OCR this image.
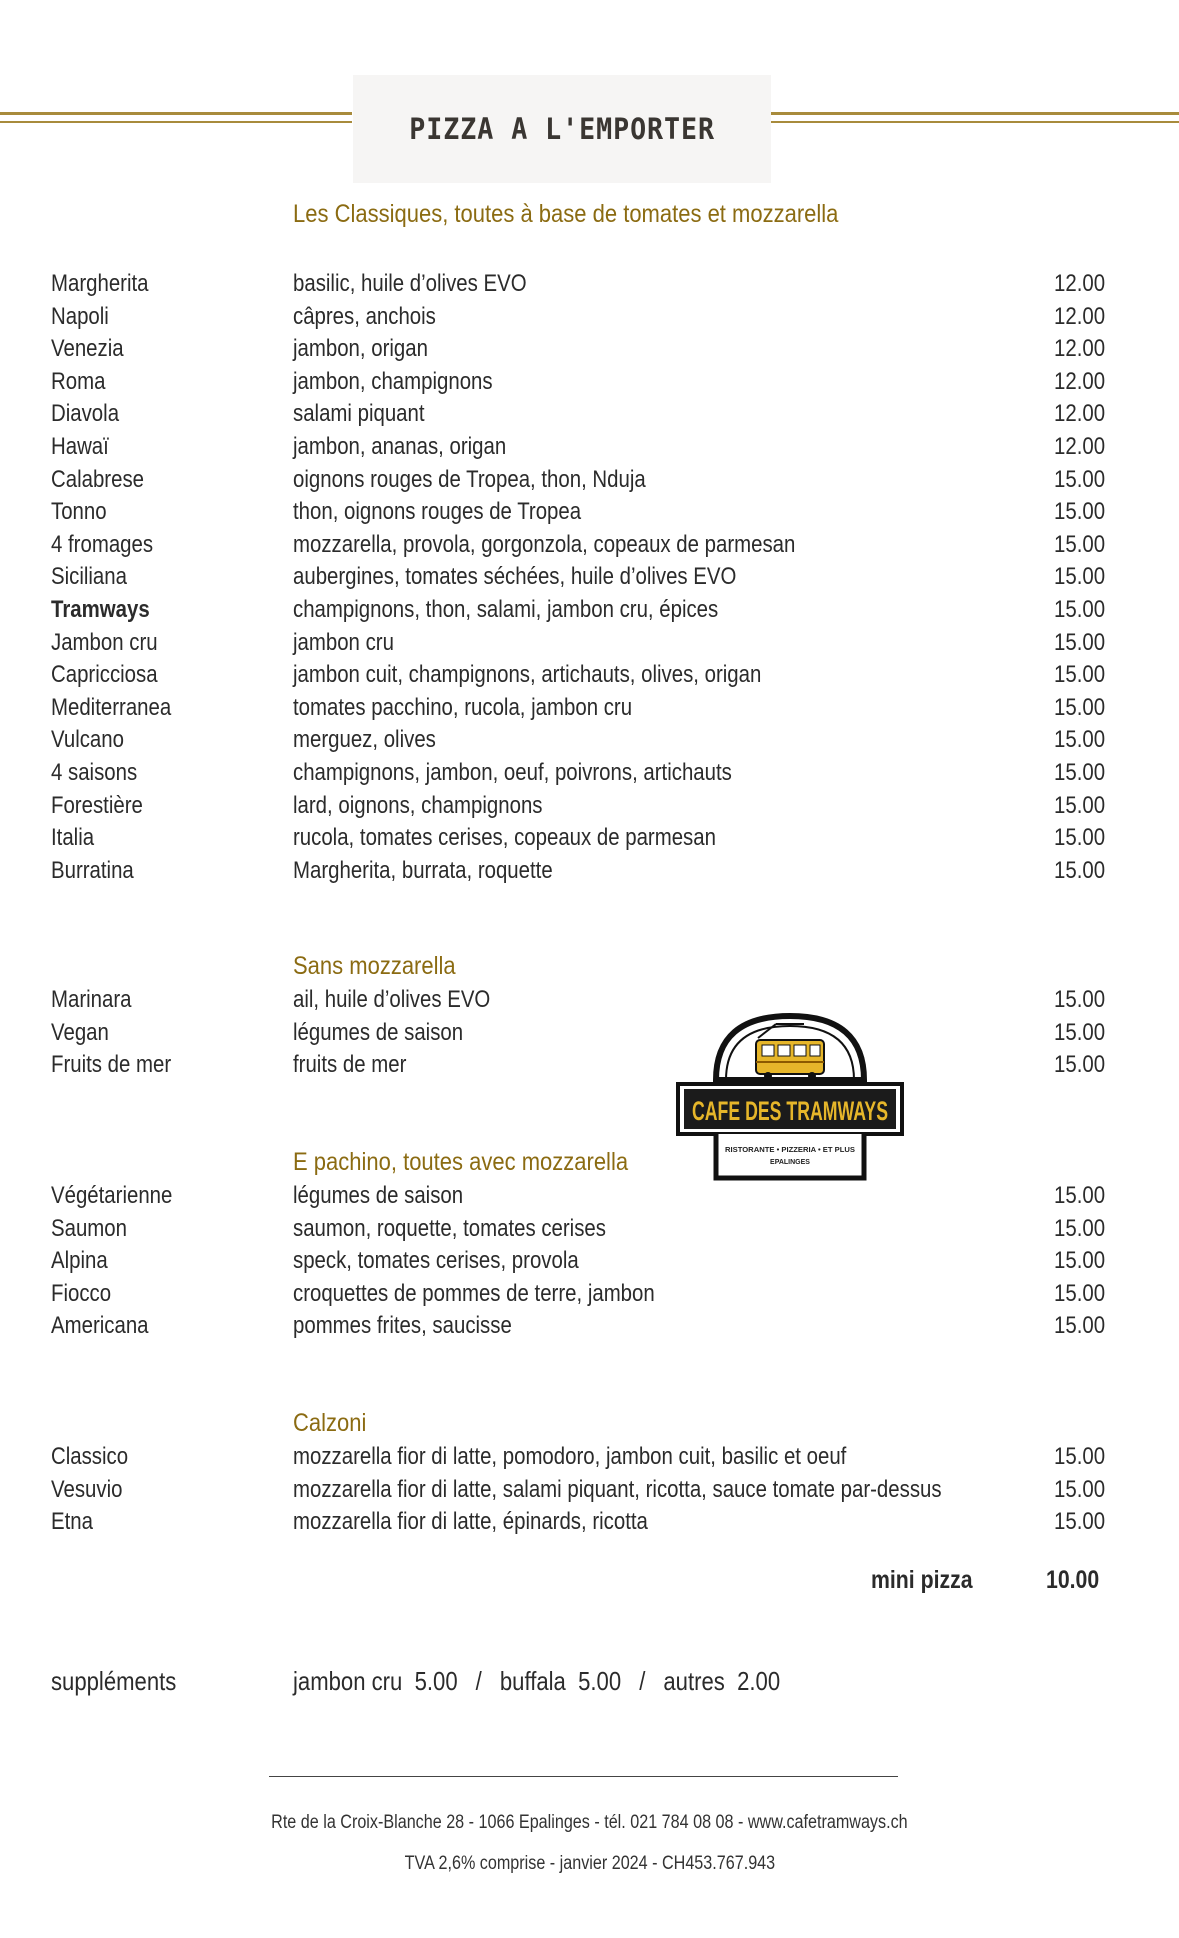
PIZZA A L'EMPORTER
Les Classiques, toutes à base de tomates et mozzarella
Margherita	basilic, huile d’olives EVO	12.00
Napoli	câpres, anchois	12.00
Venezia	jambon, origan	12.00
Roma	jambon, champignons	12.00
Diavola	salami piquant	12.00
Hawaï	jambon, ananas, origan	12.00
Calabrese	oignons rouges de Tropea, thon, Nduja	15.00
Tonno	thon, oignons rouges de Tropea	15.00
4 fromages	mozzarella, provola, gorgonzola, copeaux de parmesan	15.00
Siciliana	aubergines, tomates séchées, huile d’olives EVO	15.00
Tramways	champignons, thon, salami, jambon cru, épices	15.00
Jambon cru	jambon cru	15.00
Capricciosa	jambon cuit, champignons, artichauts, olives, origan	15.00
Mediterranea	tomates pacchino, rucola, jambon cru	15.00
Vulcano	merguez, olives	15.00
4 saisons	champignons, jambon, oeuf, poivrons, artichauts	15.00
Forestière	lard, oignons, champignons	15.00
Italia	rucola, tomates cerises, copeaux de parmesan	15.00
Burratina	Margherita, burrata, roquette	15.00
Sans mozzarella
Marinara	ail, huile d’olives EVO	15.00
Vegan	légumes de saison	15.00
Fruits de mer	fruits de mer	15.00
E pachino, toutes avec mozzarella
Végétarienne	légumes de saison	15.00
Saumon	saumon, roquette, tomates cerises	15.00
Alpina	speck, tomates cerises, provola	15.00
Fiocco	croquettes de pommes de terre, jambon	15.00
Americana	pommes frites, saucisse	15.00
Calzoni
Classico	mozzarella fior di latte, pomodoro, jambon cuit, basilic et oeuf	15.00
Vesuvio	mozzarella fior di latte, salami piquant, ricotta, sauce tomate par-dessus	15.00
Etna	mozzarella fior di latte, épinards, ricotta	15.00
mini pizza	10.00
suppléments	jambon cru 5.00 / buffala 5.00 / autres 2.00
Rte de la Croix-Blanche 28 - 1066 Epalinges - tél. 021 784 08 08 - www.cafetramways.ch
TVA 2,6% comprise - janvier 2024 - CH453.767.943
CAFE DES TRAMWAYS
RISTORANTE • PIZZERIA • ET PLUS
EPALINGES
